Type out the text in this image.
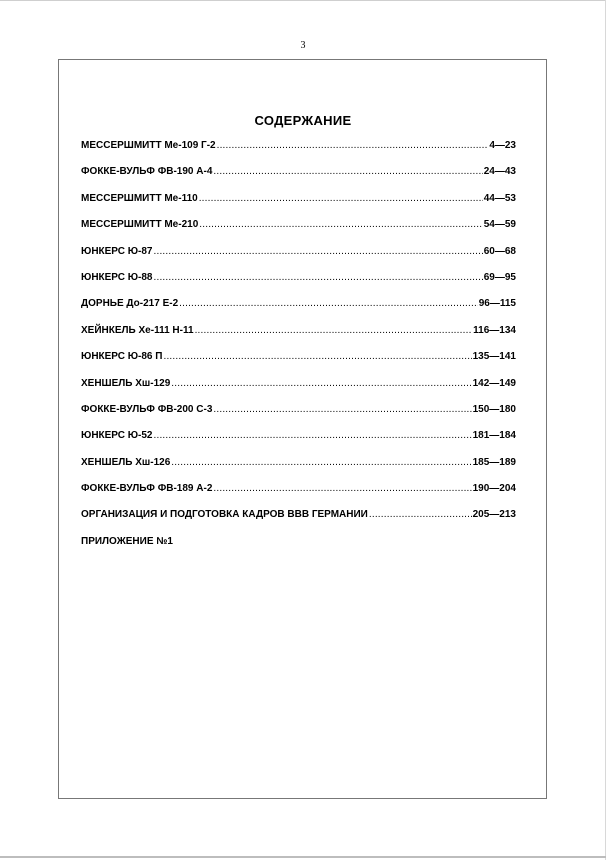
3
СОДЕРЖАНИЕ
МЕССЕРШМИТТ Ме-109 Г-2 .....	4—23
ФОККЕ-ВУЛЬФ ФВ-190 А-4 .....	24—43
МЕССЕРШМИТТ Ме-110 .....	44—53
МЕССЕРШМИТТ Ме-210 .....	54—59
ЮНКЕРС Ю-87 .....	60—68
ЮНКЕРС Ю-88 .....	69—95
ДОРНЬЕ До-217 Е-2 .....	96—115
ХЕЙНКЕЛЬ Хе-111 Н-11 .....	116—134
ЮНКЕРС Ю-86 П .....	135—141
ХЕНШЕЛЬ Хш-129 .....	142—149
ФОККЕ-ВУЛЬФ ФВ-200 С-3 .....	150—180
ЮНКЕРС Ю-52 .....	181—184
ХЕНШЕЛЬ Хш-126 .....	185—189
ФОККЕ-ВУЛЬФ ФВ-189 А-2 .....	190—204
ОРГАНИЗАЦИЯ И ПОДГОТОВКА КАДРОВ ВВВ ГЕРМАНИИ .....	205—213
ПРИЛОЖЕНИЕ №1
